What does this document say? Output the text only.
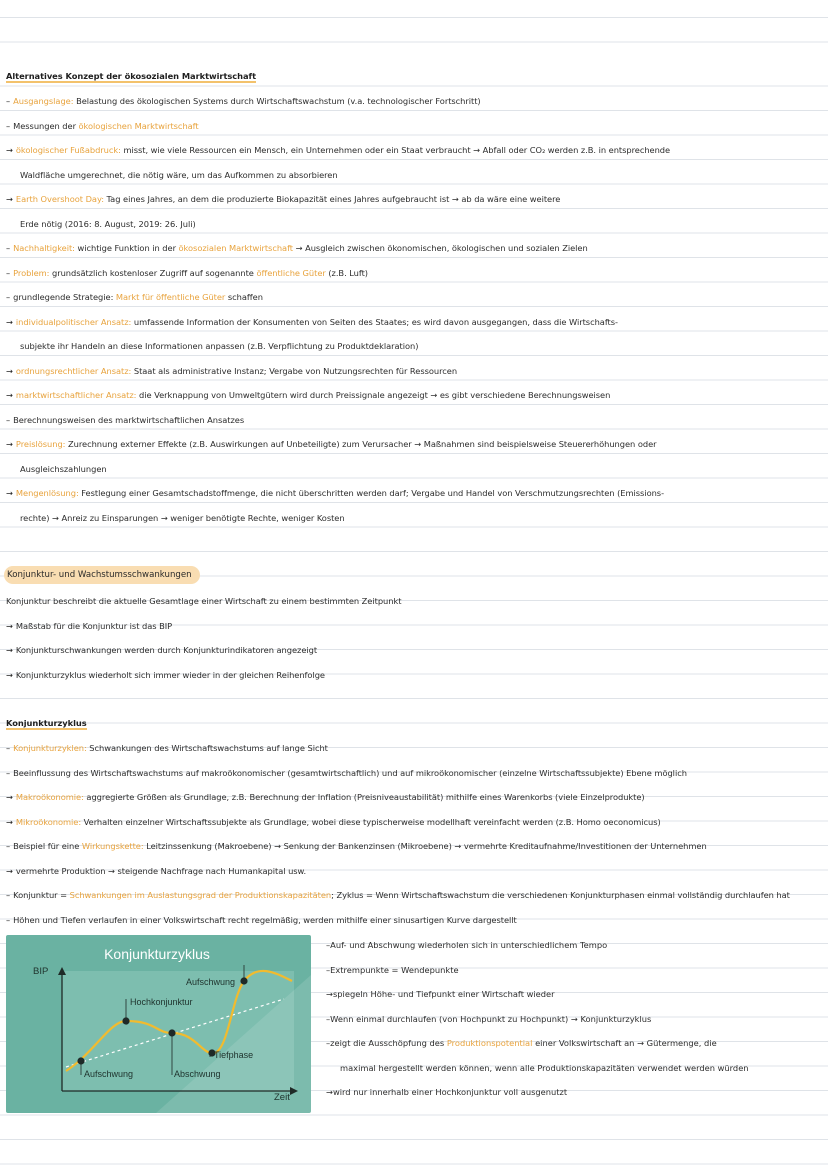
Alternatives Konzept der ökosozialen Marktwirtschaft
– Ausgangslage: Belastung des ökologischen Systems durch Wirtschaftswachstum (v.a. technologischer Fortschritt)
– Messungen der ökologischen Marktwirtschaft
→ ökologischer Fußabdruck: misst, wie viele Ressourcen ein Mensch, ein Unternehmen oder ein Staat verbraucht → Abfall oder CO₂ werden z.B. in entsprechende
Waldfläche umgerechnet, die nötig wäre, um das Aufkommen zu absorbieren
→ Earth Overshoot Day: Tag eines Jahres, an dem die produzierte Biokapazität eines Jahres aufgebraucht ist → ab da wäre eine weitere
Erde nötig (2016: 8. August, 2019: 26. Juli)
– Nachhaltigkeit: wichtige Funktion in der ökosozialen Marktwirtschaft → Ausgleich zwischen ökonomischen, ökologischen und sozialen Zielen
– Problem: grundsätzlich kostenloser Zugriff auf sogenannte öffentliche Güter (z.B. Luft)
– grundlegende Strategie: Markt für öffentliche Güter schaffen
→ individualpolitischer Ansatz: umfassende Information der Konsumenten von Seiten des Staates; es wird davon ausgegangen, dass die Wirtschafts-
subjekte ihr Handeln an diese Informationen anpassen (z.B. Verpflichtung zu Produktdeklaration)
→ ordnungsrechtlicher Ansatz: Staat als administrative Instanz; Vergabe von Nutzungsrechten für Ressourcen
→ marktwirtschaftlicher Ansatz: die Verknappung von Umweltgütern wird durch Preissignale angezeigt → es gibt verschiedene Berechnungsweisen
– Berechnungsweisen des marktwirtschaftlichen Ansatzes
→ Preislösung: Zurechnung externer Effekte (z.B. Auswirkungen auf Unbeteiligte) zum Verursacher → Maßnahmen sind beispielsweise Steuererhöhungen oder
Ausgleichszahlungen
→ Mengenlösung: Festlegung einer Gesamtschadstoffmenge, die nicht überschritten werden darf; Vergabe und Handel von Verschmutzungsrechten (Emissions-
rechte) → Anreiz zu Einsparungen → weniger benötigte Rechte, weniger Kosten
Konjunktur- und Wachstumsschwankungen
Konjunktur beschreibt die aktuelle Gesamtlage einer Wirtschaft zu einem bestimmten Zeitpunkt
→ Maßstab für die Konjunktur ist das BIP
→ Konjunkturschwankungen werden durch Konjunkturindikatoren angezeigt
→ Konjunkturzyklus wiederholt sich immer wieder in der gleichen Reihenfolge
Konjunkturzyklus
– Konjunkturzyklen: Schwankungen des Wirtschaftswachstums auf lange Sicht
– Beeinflussung des Wirtschaftswachstums auf makroökonomischer (gesamtwirtschaftlich) und auf mikroökonomischer (einzelne Wirtschaftssubjekte) Ebene möglich
→ Makroökonomie: aggregierte Größen als Grundlage, z.B. Berechnung der Inflation (Preisniveaustabilität) mithilfe eines Warenkorbs (viele Einzelprodukte)
→ Mikroökonomie: Verhalten einzelner Wirtschaftssubjekte als Grundlage, wobei diese typischerweise modellhaft vereinfacht werden (z.B. Homo oeconomicus)
– Beispiel für eine Wirkungskette: Leitzinssenkung (Makroebene) → Senkung der Bankenzinsen (Mikroebene) → vermehrte Kreditaufnahme/Investitionen der Unternehmen
→ vermehrte Produktion → steigende Nachfrage nach Humankapital usw.
– Konjunktur = Schwankungen im Auslastungsgrad der Produktionskapazitäten; Zyklus = Wenn Wirtschaftswachstum die verschiedenen Konjunkturphasen einmal vollständig durchlaufen hat
– Höhen und Tiefen verlaufen in einer Volkswirtschaft recht regelmäßig, werden mithilfe einer sinusartigen Kurve dargestellt
–Auf- und Abschwung wiederholen sich in unterschiedlichem Tempo
–Extrempunkte = Wendepunkte
→spiegeln Höhe- und Tiefpunkt einer Wirtschaft wieder
–Wenn einmal durchlaufen (von Hochpunkt zu Hochpunkt) → Konjunkturzyklus
–zeigt die Ausschöpfung des Produktionspotential einer Volkswirtschaft an → Gütermenge, die
maximal hergestellt werden können, wenn alle Produktionskapazitäten verwendet werden würden
→wird nur innerhalb einer Hochkonjunktur voll ausgenutzt
Konjunkturzyklus
BIP
Zeit
Aufschwung
Hochkonjunktur
Tiefphase
Aufschwung	Abschwung
